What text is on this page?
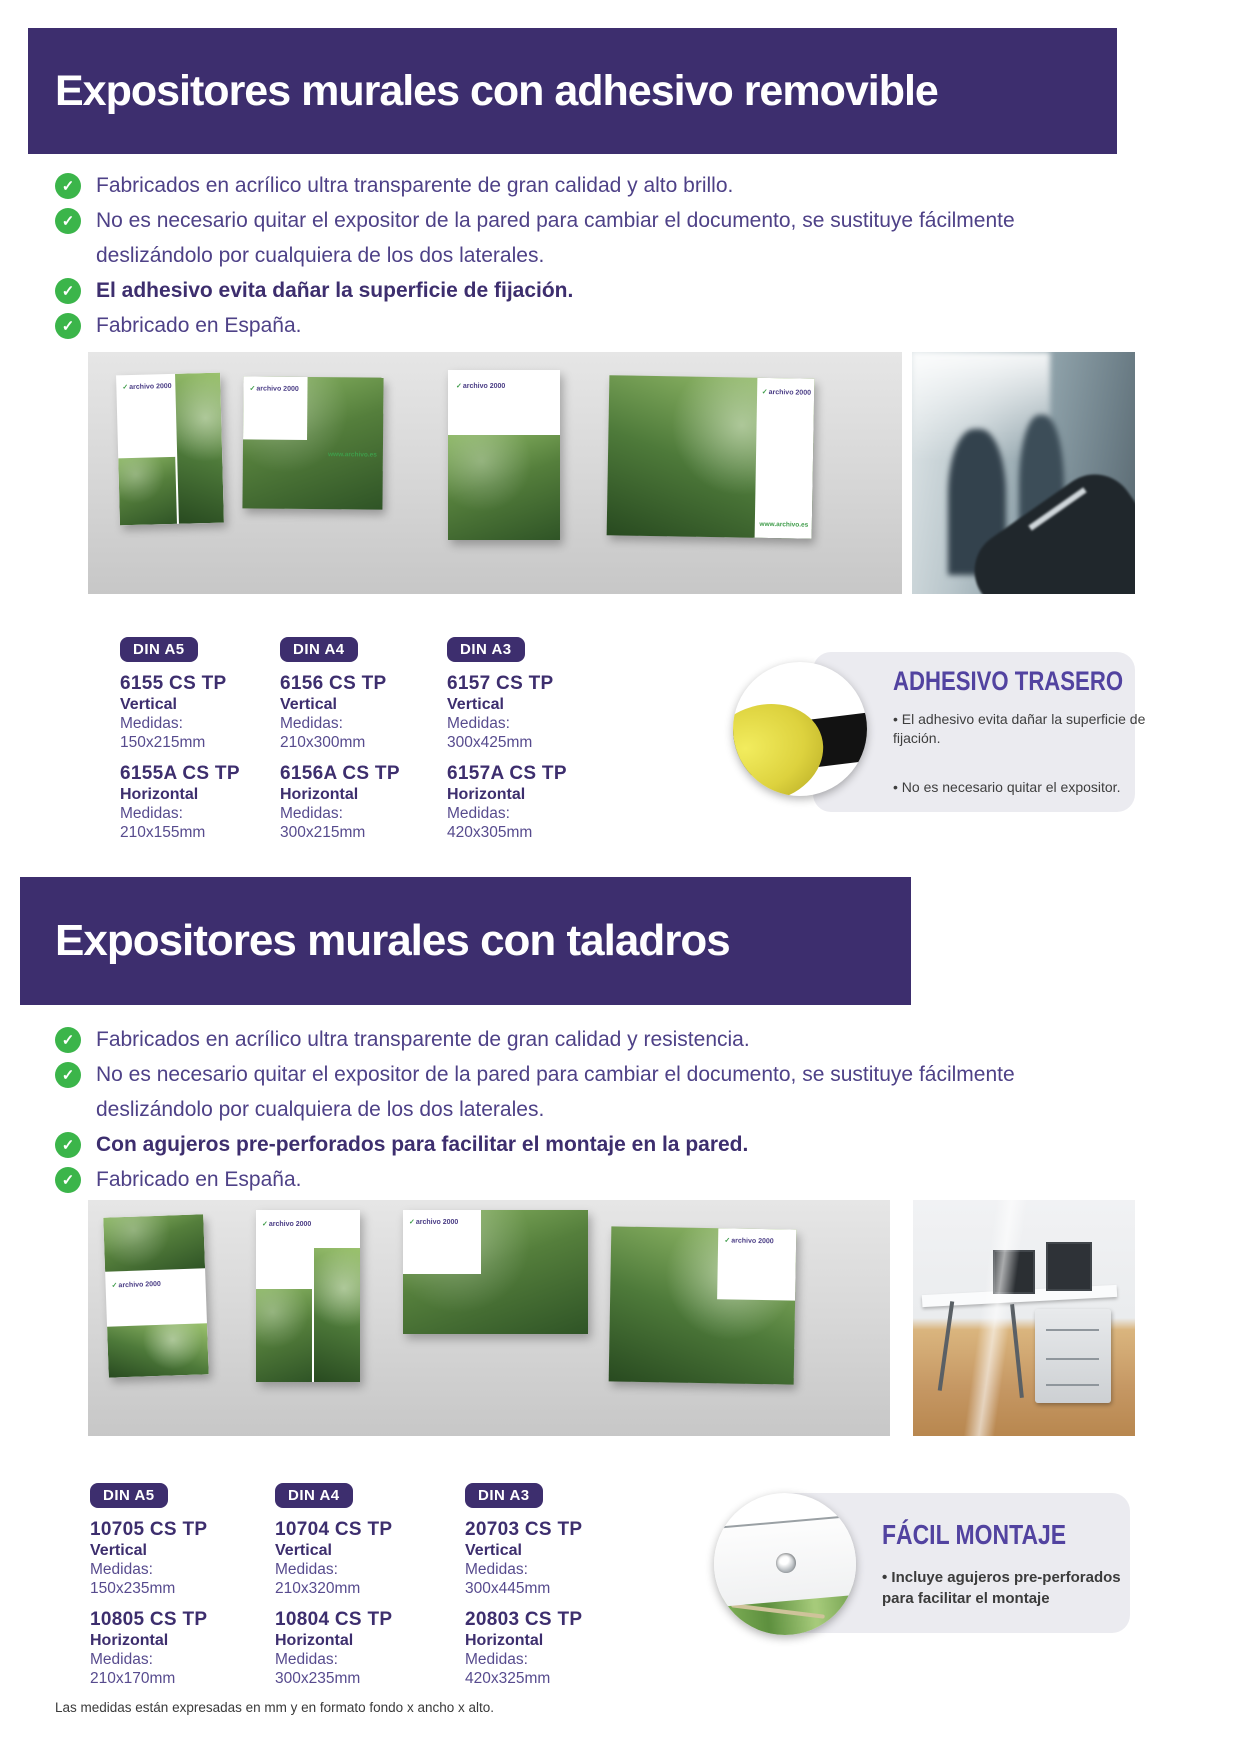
Expositores murales con adhesivo removible
✓
Fabricados en acrílico ultra transparente de gran calidad y alto brillo.
✓
No es necesario quitar el expositor de la pared para cambiar el documento, se sustituye fácilmente deslizándolo por cualquiera de los dos laterales.
✓
El adhesivo evita dañar la superficie de fijación.
✓
Fabricado en España.
✓ archivo 2000	✓ archivo 2000
www.archivo.es
✓ archivo 2000
✓ archivo 2000
www.archivo.es
DIN A5
6155 CS TP
Vertical
Medidas:
150x215mm
6155A CS TP
Horizontal
Medidas:
210x155mm
DIN A4
6156 CS TP
Vertical
Medidas:
210x300mm
6156A CS TP
Horizontal
Medidas:
300x215mm
DIN A3
6157 CS TP
Vertical
Medidas:
300x425mm
6157A CS TP
Horizontal
Medidas:
420x305mm
ADHESIVO TRASERO
• El adhesivo evita dañar la superficie de fijación.
• No es necesario quitar el expositor.
Expositores murales con taladros
✓
Fabricados en acrílico ultra transparente de gran calidad y resistencia.
✓
No es necesario quitar el expositor de la pared para cambiar el documento, se sustituye fácilmente deslizándolo por cualquiera de los dos laterales.
✓
Con agujeros pre-perforados para facilitar el montaje en la pared.
✓
Fabricado en España.
✓ archivo 2000
✓ archivo 2000	✓ archivo 2000
✓ archivo 2000
DIN A5
10705 CS TP
Vertical
Medidas:
150x235mm
10805 CS TP
Horizontal
Medidas:
210x170mm
DIN A4
10704 CS TP
Vertical
Medidas:
210x320mm
10804 CS TP
Horizontal
Medidas:
300x235mm
DIN A3
20703 CS TP
Vertical
Medidas:
300x445mm
20803 CS TP
Horizontal
Medidas:
420x325mm
FÁCIL MONTAJE
• Incluye agujeros pre-perforados para facilitar el montaje
Las medidas están expresadas en mm y en formato fondo x ancho x alto.
